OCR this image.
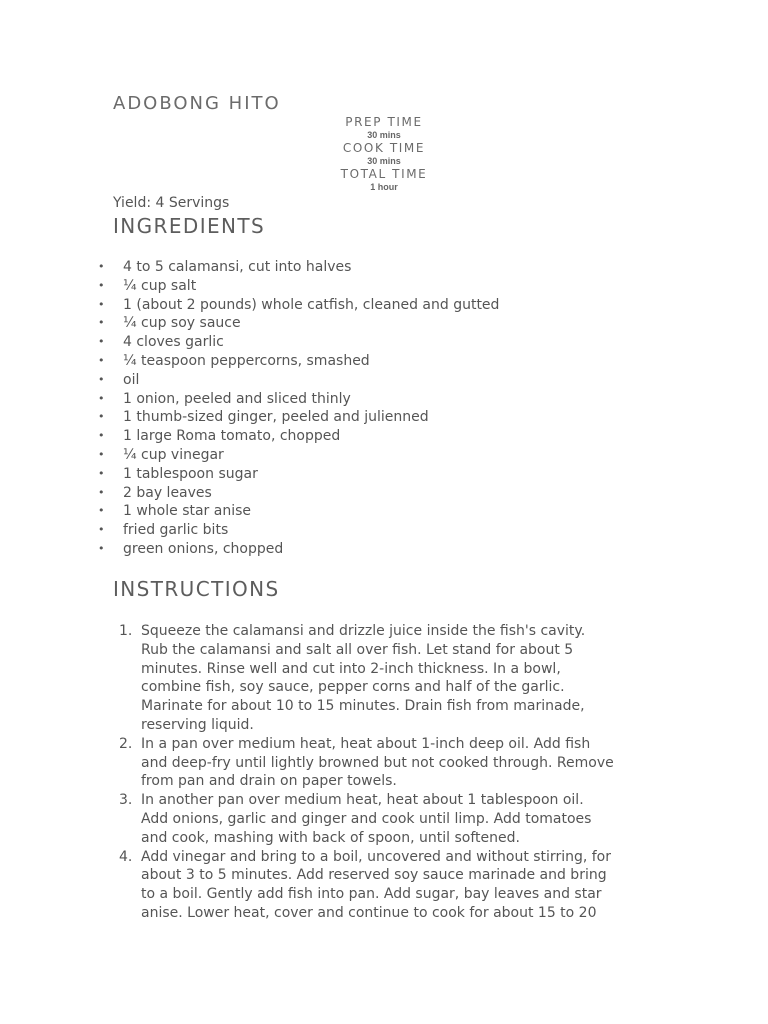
ADOBONG HITO
PREP TIME
30 mins
COOK TIME
30 mins
TOTAL TIME
1 hour
Yield: 4 Servings
INGREDIENTS
• 4 to 5 calamansi, cut into halves
• ¼ cup salt
• 1 (about 2 pounds) whole catfish, cleaned and gutted
• ¼ cup soy sauce
• 4 cloves garlic
• ¼ teaspoon peppercorns, smashed
• oil
• 1 onion, peeled and sliced thinly
• 1 thumb-sized ginger, peeled and julienned
• 1 large Roma tomato, chopped
• ¼ cup vinegar
• 1 tablespoon sugar
• 2 bay leaves
• 1 whole star anise
• fried garlic bits
• green onions, chopped
INSTRUCTIONS
1. Squeeze the calamansi and drizzle juice inside the fish's cavity.
Rub the calamansi and salt all over fish. Let stand for about 5
minutes. Rinse well and cut into 2-inch thickness. In a bowl,
combine fish, soy sauce, pepper corns and half of the garlic.
Marinate for about 10 to 15 minutes. Drain fish from marinade,
reserving liquid.
2. In a pan over medium heat, heat about 1-inch deep oil. Add fish
and deep-fry until lightly browned but not cooked through. Remove
from pan and drain on paper towels.
3. In another pan over medium heat, heat about 1 tablespoon oil.
Add onions, garlic and ginger and cook until limp. Add tomatoes
and cook, mashing with back of spoon, until softened.
4. Add vinegar and bring to a boil, uncovered and without stirring, for
about 3 to 5 minutes. Add reserved soy sauce marinade and bring
to a boil. Gently add fish into pan. Add sugar, bay leaves and star
anise. Lower heat, cover and continue to cook for about 15 to 20
